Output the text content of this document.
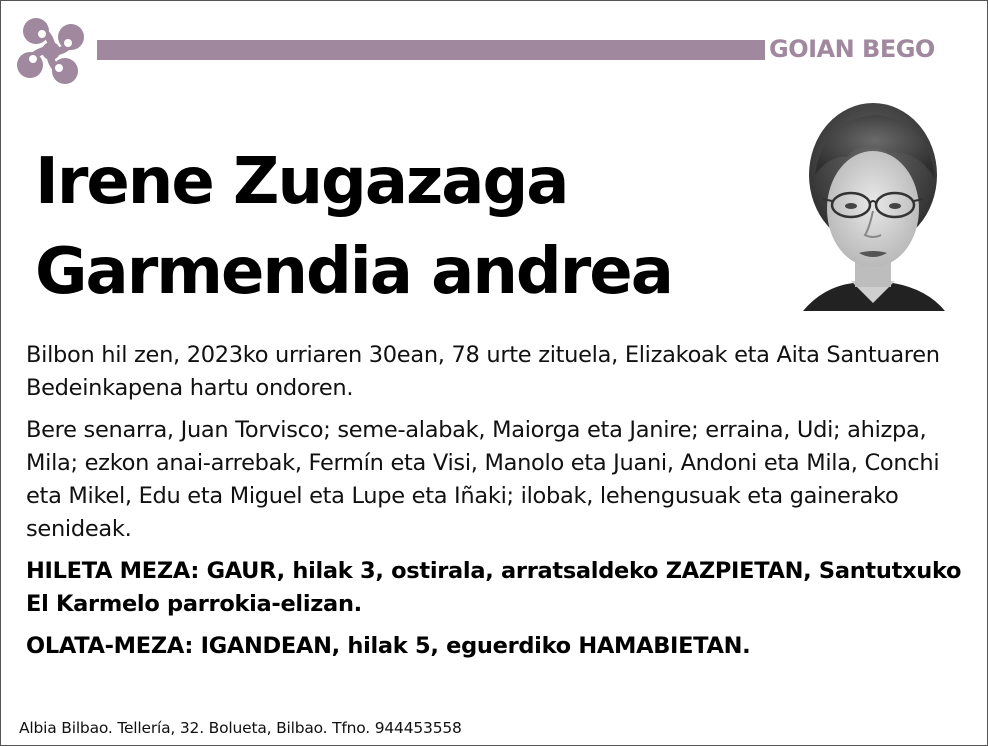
GOIAN BEGO
Irene Zugazaga
Garmendia andrea

Bilbon hil zen, 2023ko urriaren 30ean, 78 urte zituela, Elizakoak eta Aita Santuaren Bedeinkapena hartu ondoren.

Bere senarra, Juan Torvisco; seme-alabak, Maiorga eta Janire; erraina, Udi; ahizpa, Mila; ezkon anai-arrebak, Fermín eta Visi, Manolo eta Juani, Andoni eta Mila, Conchi eta Mikel, Edu eta Miguel eta Lupe eta Iñaki; ilobak, lehengusuak eta gainerako senideak.

HILETA MEZA: GAUR, hilak 3, ostirala, arratsaldeko ZAZPIETAN, Santutxuko El Karmelo parrokia-elizan.

OLATA-MEZA: IGANDEAN, hilak 5, eguerdiko HAMABIETAN.

Albia Bilbao. Tellería, 32. Bolueta, Bilbao. Tfno. 944453558
